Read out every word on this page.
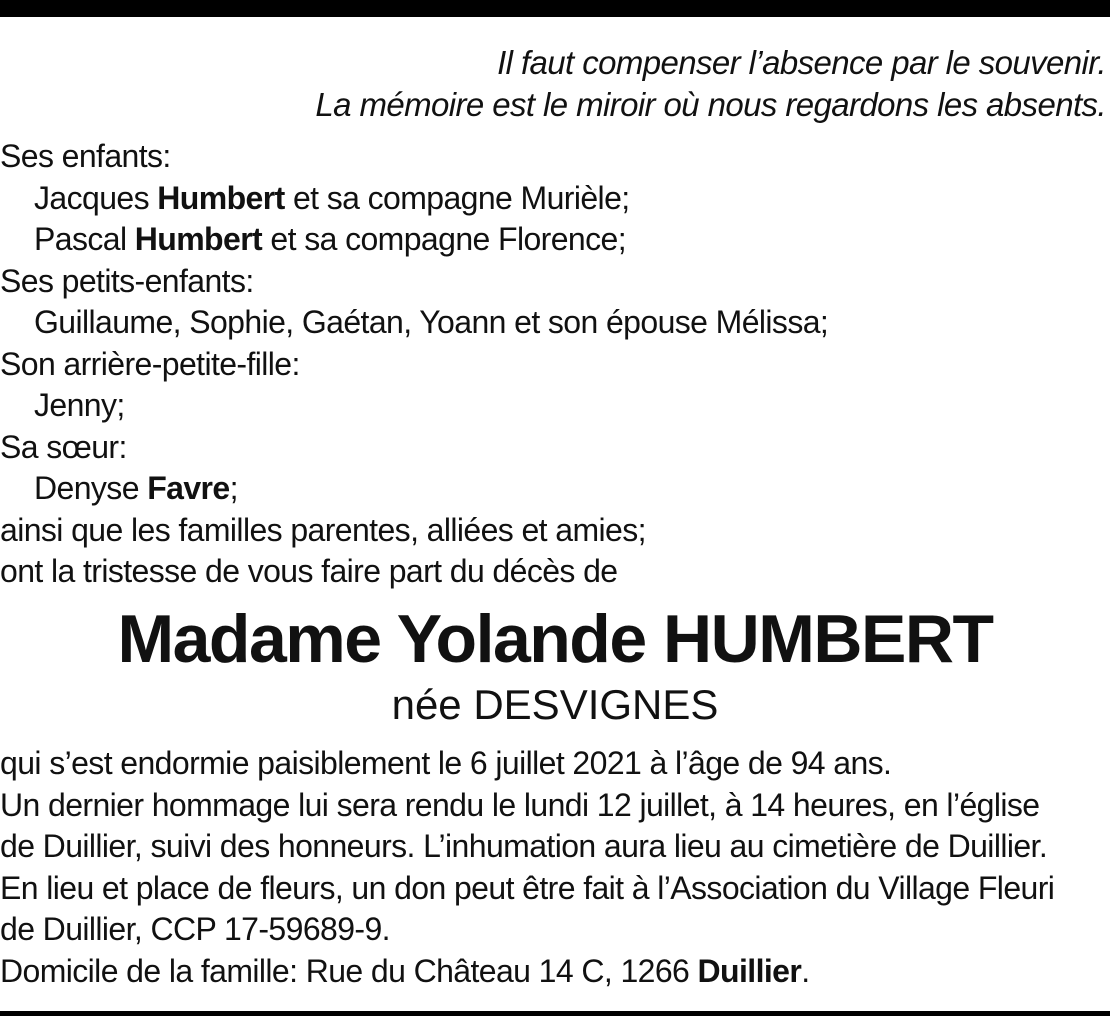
Il faut compenser l’absence par le souvenir.
La mémoire est le miroir où nous regardons les absents.
Ses enfants:
Jacques Humbert et sa compagne Murièle;
Pascal Humbert et sa compagne Florence;
Ses petits-enfants:
Guillaume, Sophie, Gaétan, Yoann et son épouse Mélissa;
Son arrière-petite-fille:
Jenny;
Sa sœur:
Denyse Favre;
ainsi que les familles parentes, alliées et amies;
ont la tristesse de vous faire part du décès de
Madame Yolande HUMBERT
née DESVIGNES
qui s’est endormie paisiblement le 6 juillet 2021 à l’âge de 94 ans.
Un dernier hommage lui sera rendu le lundi 12 juillet, à 14 heures, en l’église
de Duillier, suivi des honneurs. L’inhumation aura lieu au cimetière de Duillier.
En lieu et place de fleurs, un don peut être fait à l’Association du Village Fleuri
de Duillier, CCP 17-59689-9.
Domicile de la famille: Rue du Château 14 C, 1266 Duillier.
